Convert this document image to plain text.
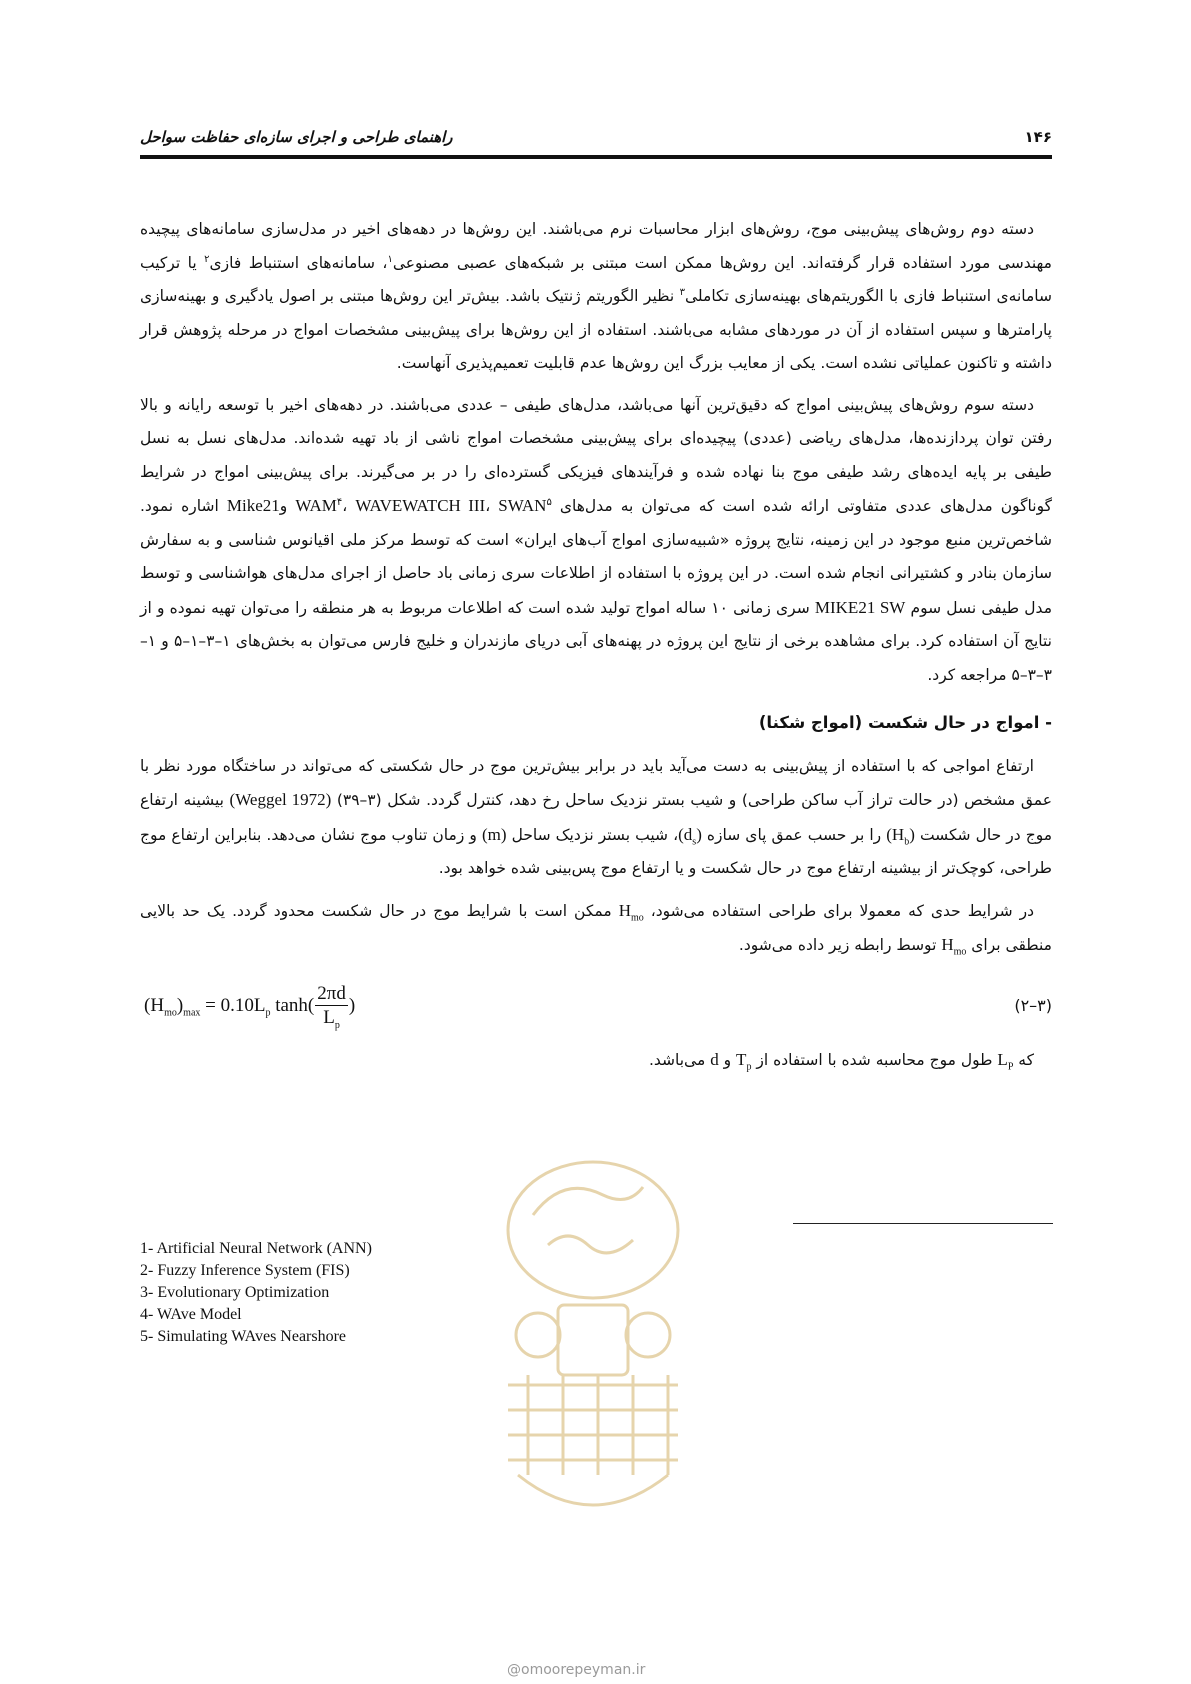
راهنمای طراحی و اجرای سازه‌ای حفاظت سواحل	۱۴۶

دسته دوم روش‌های پیش‌بینی موج، روش‌های ابزار محاسبات نرم می‌باشند. این روش‌ها در دهه‌های اخیر در مدل‌سازی سامانه‌های پیچیده مهندسی مورد استفاده قرار گرفته‌اند. این روش‌ها ممکن است مبتنی بر شبکه‌های عصبی مصنوعی$^۱$، سامانه‌های استنباط فازی$^۲$ یا ترکیب سامانه‌ی استنباط فازی با الگوریتم‌های بهینه‌سازی تکاملی$^۳$ نظیر الگوریتم ژنتیک باشد. بیش‌تر این روش‌ها مبتنی بر اصول یادگیری و بهینه‌سازی پارامترها و سپس استفاده از آن در موردهای مشابه می‌باشند. استفاده از این روش‌ها برای پیش‌بینی مشخصات امواج در مرحله پژوهش قرار داشته و تاکنون عملیاتی نشده است. یکی از معایب بزرگ این روش‌ها عدم قابلیت تعمیم‌پذیری آنهاست.

دسته سوم روش‌های پیش‌بینی امواج که دقیق‌ترین آنها می‌باشد، مدل‌های طیفی – عددی می‌باشند. در دهه‌های اخیر با توسعه رایانه و بالا رفتن توان پردازنده‌ها، مدل‌های ریاضی (عددی) پیچیده‌ای برای پیش‌بینی مشخصات امواج ناشی از باد تهیه شده‌اند. مدل‌های نسل به نسل طیفی بر پایه ایده‌های رشد طیفی موج بنا نهاده شده و فرآیندهای فیزیکی گسترده‌ای را در بر می‌گیرند. برای پیش‌بینی امواج در شرایط گوناگون مدل‌های عددی متفاوتی ارائه شده است که می‌توان به مدل‌های WAM$^۴$، WAVEWATCH III، SWAN$^۵$ وMike21 اشاره نمود. شاخص‌ترین منبع موجود در این زمینه، نتایج پروژه «شبیه‌سازی امواج آب‌های ایران» است که توسط مرکز ملی اقیانوس شناسی و به سفارش سازمان بنادر و کشتیرانی انجام شده است. در این پروژه با استفاده از اطلاعات سری زمانی باد حاصل از اجرای مدل‌های هواشناسی و توسط مدل طیفی نسل سوم MIKE21 SW سری زمانی ۱۰ ساله امواج تولید شده است که اطلاعات مربوط به هر منطقه را می‌توان تهیه نموده و از نتایج آن استفاده کرد. برای مشاهده برخی از نتایج این پروژه در پهنه‌های آبی دریای مازندران و خلیج فارس می‌توان به بخش‌های ۱–۳–۱–۵ و ۱–۳–۳–۵ مراجعه کرد.

- امواج در حال شکست (امواج شکنا)

ارتفاع امواجی که با استفاده از پیش‌بینی به دست می‌آید باید در برابر بیش‌ترین موج در حال شکستی که می‌تواند در ساختگاه مورد نظر با عمق مشخص (در حالت تراز آب ساکن طراحی) و شیب بستر نزدیک ساحل رخ دهد، کنترل گردد. شکل (۳–۳۹) (Weggel 1972) بیشینه ارتفاع موج در حال شکست $(H_b)$ را بر حسب عمق پای سازه $(d_s)،$ شیب بستر نزدیک ساحل (m) و زمان تناوب موج نشان می‌دهد. بنابراین ارتفاع موج طراحی، کوچک‌تر از بیشینه ارتفاع موج در حال شکست و یا ارتفاع موج پس‌بینی شده خواهد بود.

در شرایط حدی که معمولا برای طراحی استفاده می‌شود، $H_{mo}$ ممکن است با شرایط موج در حال شکست محدود گردد. یک حد بالایی منطقی برای $H_{mo}$ توسط رابطه زیر داده می‌شود.

$(H_{mo})_{max} = 0.10L_p$ $\tanh( \frac{2\pi d}{L_p}$ )	(۳–۲)

که $L_P$ طول موج محاسبه شده با استفاده از $T_p$ و d می‌باشد.

1- Artificial Neural Network (ANN)
2- Fuzzy Inference System (FIS)
3- Evolutionary Optimization
4- WAve Model
5- Simulating WAves Nearshore
@omoorepeyman.ir
